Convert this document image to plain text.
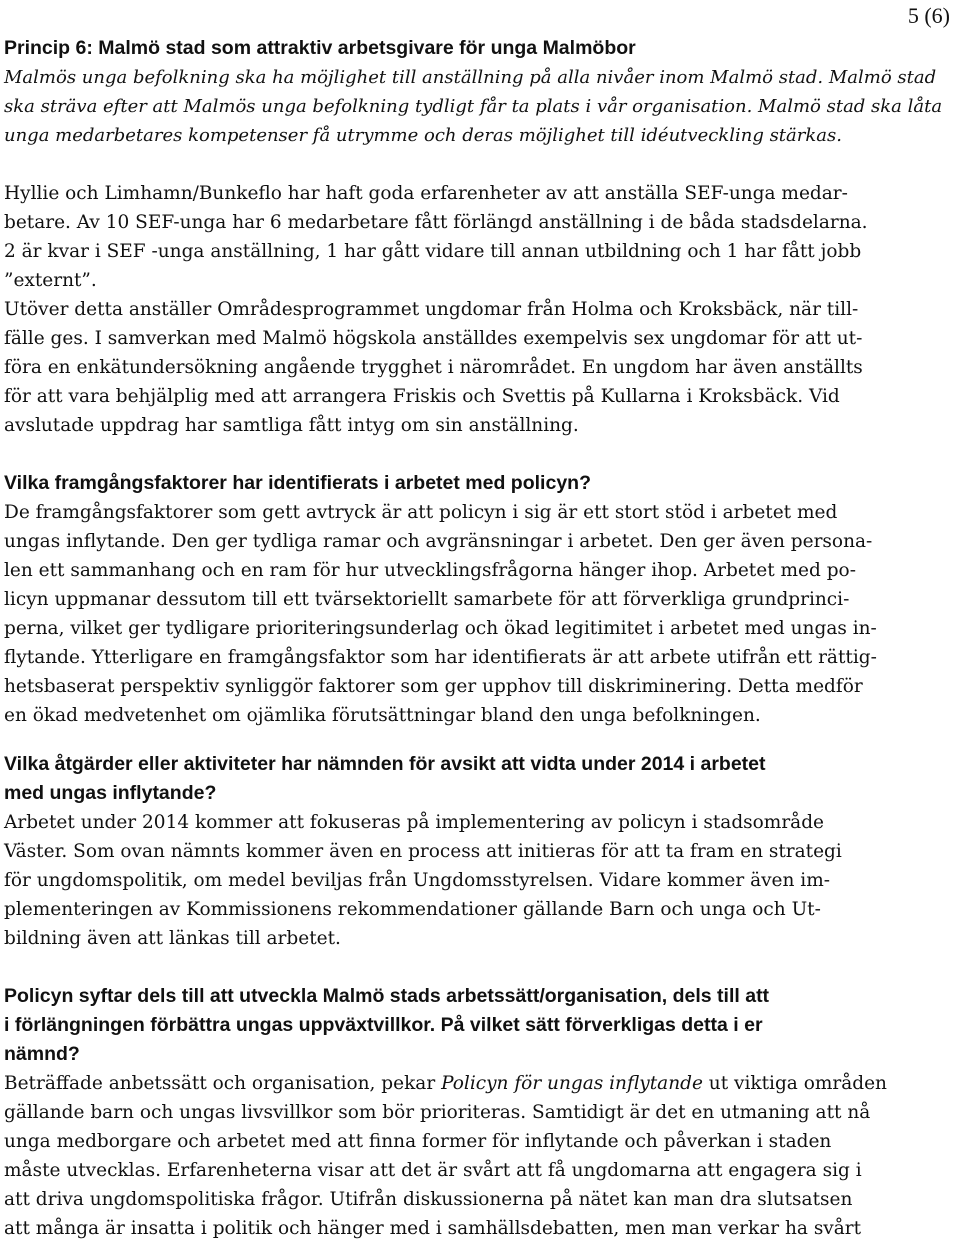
5 (6)
Princip 6: Malmö stad som attraktiv arbetsgivare för unga Malmöbor
Malmös unga befolkning ska ha möjlighet till anställning på alla nivåer inom Malmö stad. Malmö stad
ska sträva efter att Malmös unga befolkning tydligt får ta plats i vår organisation. Malmö stad ska låta
unga medarbetares kompetenser få utrymme och deras möjlighet till idéutveckling stärkas.
Hyllie och Limhamn/Bunkeflo har haft goda erfarenheter av att anställa SEF-unga medar-
betare. Av 10 SEF-unga har 6 medarbetare fått förlängd anställning i de båda stadsdelarna.
2 är kvar i SEF -unga anställning, 1 har gått vidare till annan utbildning och 1 har fått jobb
”externt”.
Utöver detta anställer Områdesprogrammet ungdomar från Holma och Kroksbäck, när till-
fälle ges. I samverkan med Malmö högskola anställdes exempelvis sex ungdomar för att ut-
föra en enkätundersökning angående trygghet i närområdet. En ungdom har även anställts
för att vara behjälplig med att arrangera Friskis och Svettis på Kullarna i Kroksbäck. Vid
avslutade uppdrag har samtliga fått intyg om sin anställning.
Vilka framgångsfaktorer har identifierats i arbetet med policyn?
De framgångsfaktorer som gett avtryck är att policyn i sig är ett stort stöd i arbetet med
ungas inflytande. Den ger tydliga ramar och avgränsningar i arbetet. Den ger även persona-
len ett sammanhang och en ram för hur utvecklingsfrågorna hänger ihop. Arbetet med po-
licyn uppmanar dessutom till ett tvärsektoriellt samarbete för att förverkliga grundprinci-
perna, vilket ger tydligare prioriteringsunderlag och ökad legitimitet i arbetet med ungas in-
flytande. Ytterligare en framgångsfaktor som har identifierats är att arbete utifrån ett rättig-
hetsbaserat perspektiv synliggör faktorer som ger upphov till diskriminering. Detta medför
en ökad medvetenhet om ojämlika förutsättningar bland den unga befolkningen.
Vilka åtgärder eller aktiviteter har nämnden för avsikt att vidta under 2014 i arbetet
med ungas inflytande?
Arbetet under 2014 kommer att fokuseras på implementering av policyn i stadsområde
Väster. Som ovan nämnts kommer även en process att initieras för att ta fram en strategi
för ungdomspolitik, om medel beviljas från Ungdomsstyrelsen. Vidare kommer även im-
plementeringen av Kommissionens rekommendationer gällande Barn och unga och Ut-
bildning även att länkas till arbetet.
Policyn syftar dels till att utveckla Malmö stads arbetssätt/organisation, dels till att
i förlängningen förbättra ungas uppväxtvillkor. På vilket sätt förverkligas detta i er
nämnd?
Beträffade anbetssätt och organisation, pekar Policyn för ungas inflytande ut viktiga områden
gällande barn och ungas livsvillkor som bör prioriteras. Samtidigt är det en utmaning att nå
unga medborgare och arbetet med att finna former för inflytande och påverkan i staden
måste utvecklas. Erfarenheterna visar att det är svårt att få ungdomarna att engagera sig i
att driva ungdomspolitiska frågor. Utifrån diskussionerna på nätet kan man dra slutsatsen
att många är insatta i politik och hänger med i samhällsdebatten, men man verkar ha svårt
